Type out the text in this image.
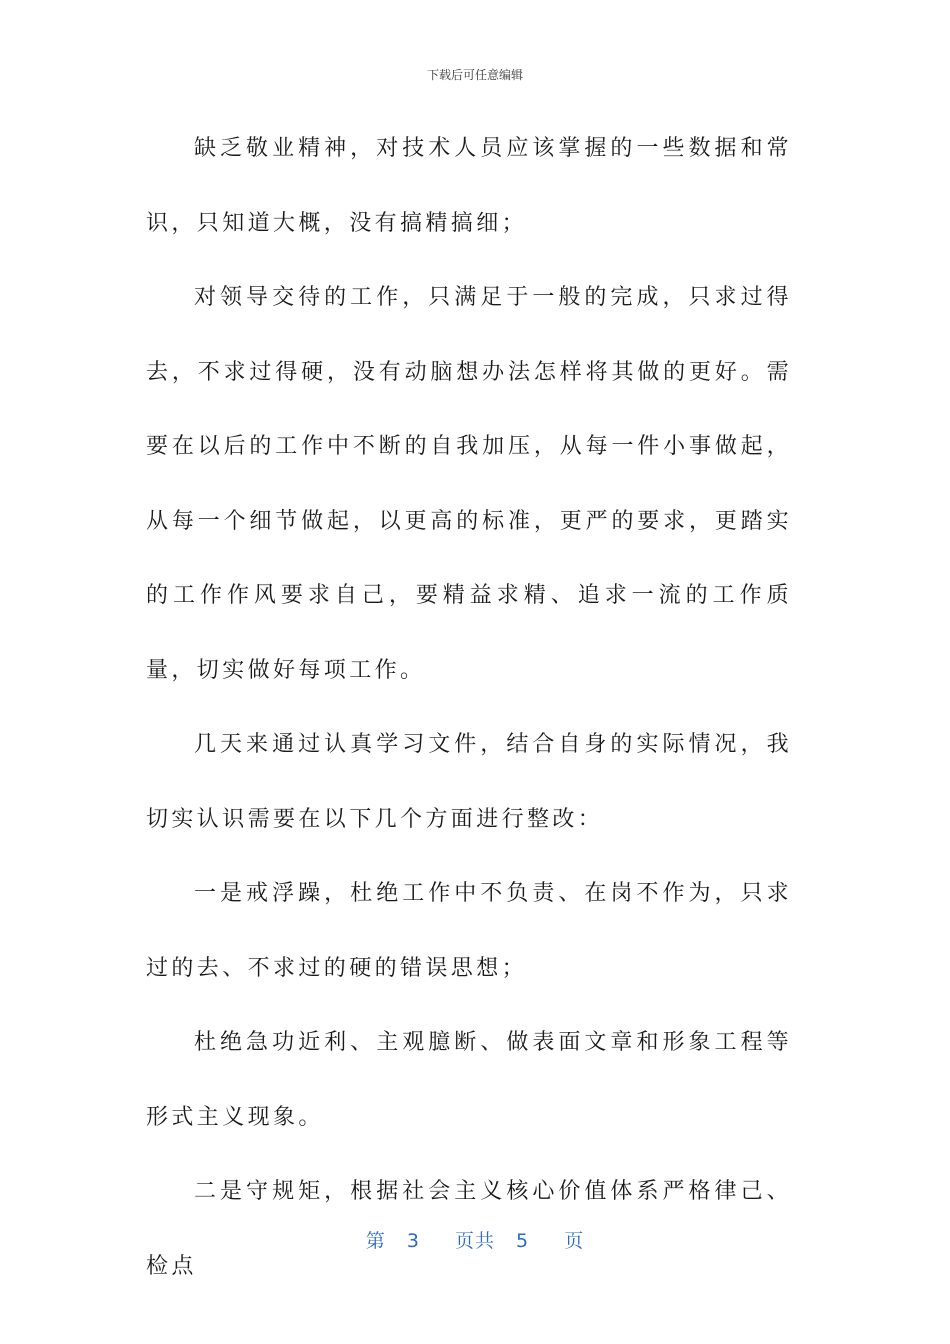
下载后可任意编辑

缺乏敬业精神，对技术人员应该掌握的一些数据和常识，只知道大概，没有搞精搞细；

对领导交待的工作，只满足于一般的完成，只求过得去，不求过得硬，没有动脑想办法怎样将其做的更好。需要在以后的工作中不断的自我加压，从每一件小事做起，从每一个细节做起，以更高的标准，更严的要求，更踏实的工作作风要求自己，要精益求精、追求一流的工作质量，切实做好每项工作。

几天来通过认真学习文件，结合自身的实际情况，我切实认识需要在以下几个方面进行整改：

一是戒浮躁，杜绝工作中不负责、在岗不作为，只求过的去、不求过的硬的错误思想；

杜绝急功近利、主观臆断、做表面文章和形象工程等形式主义现象。

二是守规矩，根据社会主义核心价值体系严格律己、检点

第 3 页共 5 页
